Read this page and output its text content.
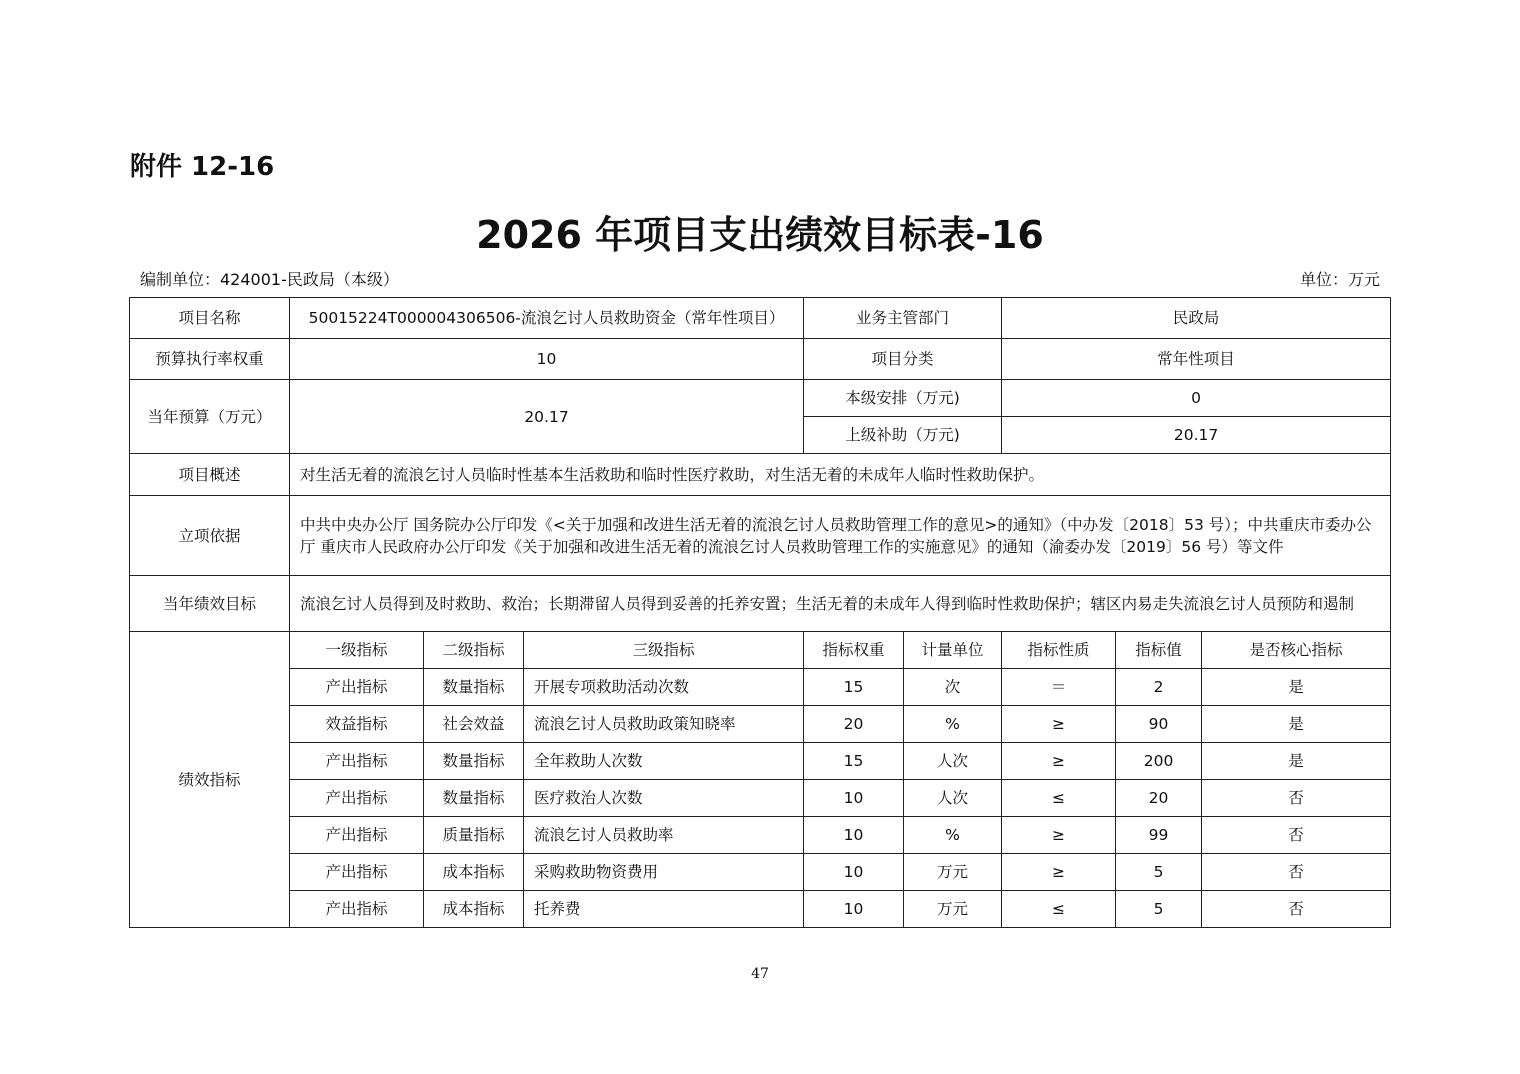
附件 12-16
2026 年项目支出绩效目标表-16
编制单位：424001-民政局（本级）	单位：万元
项目名称	50015224T000004306506-流浪乞讨人员救助资金（常年性项目）			业务主管部门		民政局		
预算执行率权重	10			项目分类		常年性项目		
当年预算（万元）	20.17			本级安排（万元)		0		
				上级补助（万元)		20.17		
项目概述	对生活无着的流浪乞讨人员临时性基本生活救助和临时性医疗救助，对生活无着的未成年人临时性救助保护。							
立项依据	中共中央办公厅 国务院办公厅印发《<关于加强和改进生活无着的流浪乞讨人员救助管理工作的意见>的通知》（中办发〔2018〕53 号）；中共重庆市委办公厅 重庆市人民政府办公厅印发《关于加强和改进生活无着的流浪乞讨人员救助管理工作的实施意见》的通知（渝委办发〔2019〕56 号）等文件							
当年绩效目标	流浪乞讨人员得到及时救助、救治；长期滞留人员得到妥善的托养安置；生活无着的未成年人得到临时性救助保护；辖区内易走失流浪乞讨人员预防和遏制							
绩效指标	一级指标	二级指标	三级指标	指标权重	计量单位	指标性质	指标值	是否核心指标
	产出指标	数量指标	开展专项救助活动次数	15	次	＝	2	是
	效益指标	社会效益	流浪乞讨人员救助政策知晓率	20	%	≥	90	是
	产出指标	数量指标	全年救助人次数	15	人次	≥	200	是
	产出指标	数量指标	医疗救治人次数	10	人次	≤	20	否
	产出指标	质量指标	流浪乞讨人员救助率	10	%	≥	99	否
	产出指标	成本指标	采购救助物资费用	10	万元	≥	5	否
	产出指标	成本指标	托养费	10	万元	≤	5	否
47
